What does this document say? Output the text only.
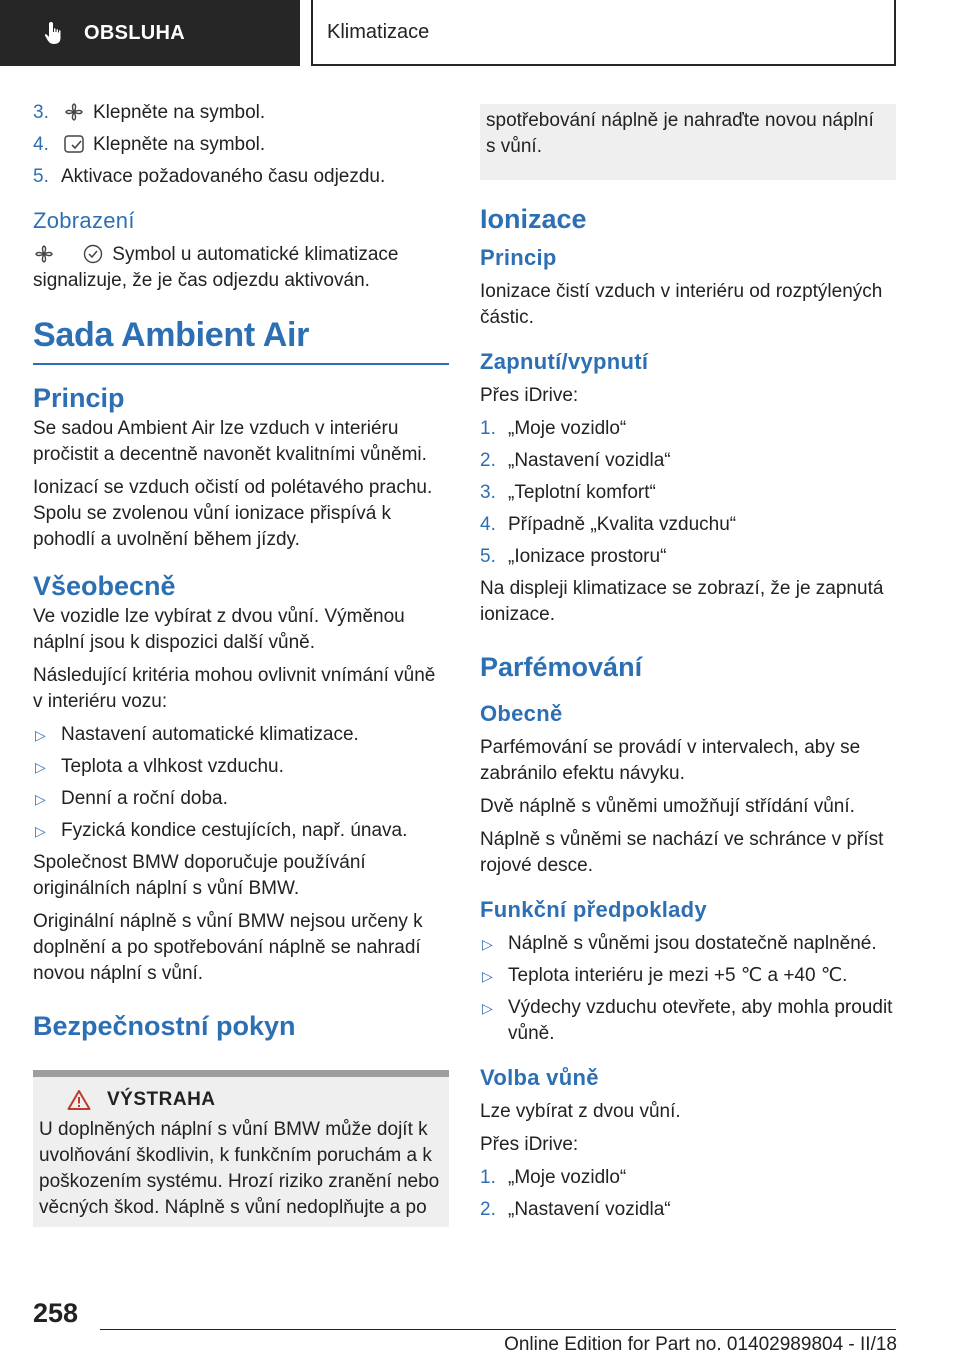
OBSLUHA	Klimatizace
3. Klepněte na symbol.
4. Klepněte na symbol.
5. Aktivace požadovaného času odjezdu.
Zobrazení

Symbol u automatické klimatizace signalizuje, že je čas odjezdu aktivován.

Sada Ambient Air
Princip

Se sadou Ambient Air lze vzduch v interiéru pročistit a decentně navonět kvalitními vůněmi.

Ionizací se vzduch očistí od polétavého prachu. Spolu se zvolenou vůní ionizace přispívá k pohodlí a uvolnění během jízdy.

Všeobecně

Ve vozidle lze vybírat z dvou vůní. Výměnou náplní jsou k dispozici další vůně.

Následující kritéria mohou ovlivnit vnímání vůně v interiéru vozu:

▷ Nastavení automatické klimatizace.
▷ Teplota a vlhkost vzduchu.
▷ Denní a roční doba.
▷ Fyzická kondice cestujících, např. únava.

Společnost BMW doporučuje používání originálních náplní s vůní BMW.

Originální náplně s vůní BMW nejsou určeny k doplnění a po spotřebování náplně se nahradí novou náplní s vůní.

Bezpečnostní pokyn
VÝSTRAHA

U doplněných náplní s vůní BMW může dojít k uvolňování škodlivin, k funkčním poruchám a k poškozením systému. Hrozí riziko zranění nebo věcných škod. Náplně s vůní nedoplňujte a po

spotřebování náplně je nahraďte novou náplní s vůní.

Ionizace
Princip

Ionizace čistí vzduch v interiéru od rozptýlených částic.

Zapnutí/vypnutí

Přes iDrive:

1. „Moje vozidlo“
2. „Nastavení vozidla“
3. „Teplotní komfort“
4. Případně „Kvalita vzduchu“
5. „Ionizace prostoru“

Na displeji klimatizace se zobrazí, že je zapnutá ionizace.

Parfémování
Obecně

Parfémování se provádí v intervalech, aby se zabránilo efektu návyku.

Dvě náplně s vůněmi umožňují střídání vůní.

Náplně s vůněmi se nachází ve schránce v příst rojové desce.

Funkční předpoklady
▷ Náplně s vůněmi jsou dostatečně naplněné.
▷ Teplota interiéru je mezi +5 ℃ a +40 ℃.
▷ Výdechy vzduchu otevřete, aby mohla proudit vůně.
Volba vůně

Lze vybírat z dvou vůní.

Přes iDrive:

1. „Moje vozidlo“
2. „Nastavení vozidla“
258
Online Edition for Part no. 01402989804 - II/18
